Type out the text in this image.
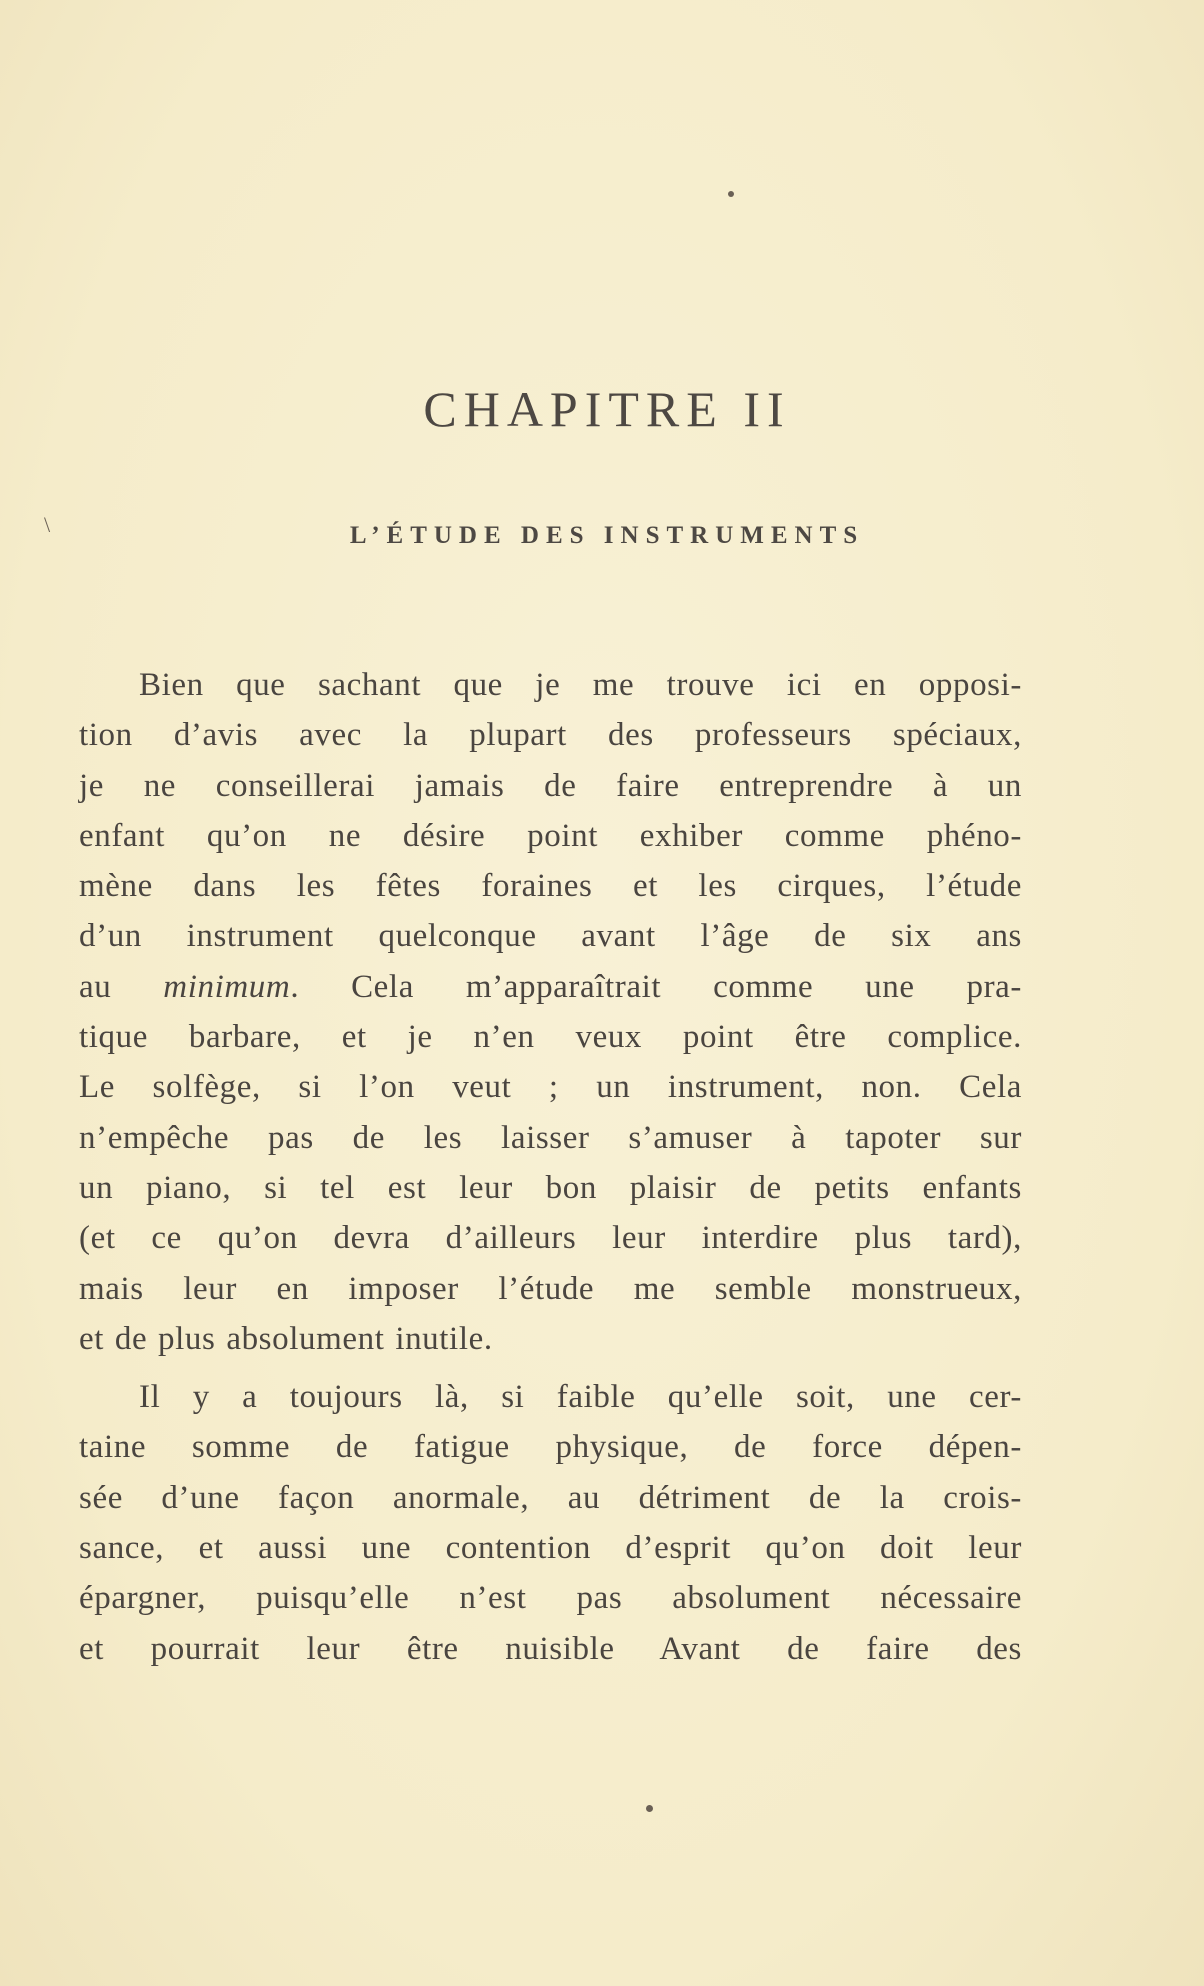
\
CHAPITRE II
L’ÉTUDE DES INSTRUMENTS
Bien que sachant que je me trouve ici en opposi-
tion d’avis avec la plupart des professeurs spéciaux,
je ne conseillerai jamais de faire entreprendre à un
enfant qu’on ne désire point exhiber comme phéno-
mène dans les fêtes foraines et les cirques, l’étude
d’un instrument quelconque avant l’âge de six ans
au minimum. Cela m’apparaîtrait comme une pra-
tique barbare, et je n’en veux point être complice.
Le solfège, si l’on veut ; un instrument, non. Cela
n’empêche pas de les laisser s’amuser à tapoter sur
un piano, si tel est leur bon plaisir de petits enfants
(et ce qu’on devra d’ailleurs leur interdire plus tard),
mais leur en imposer l’étude me semble monstrueux,
et de plus absolument inutile.
Il y a toujours là, si faible qu’elle soit, une cer-
taine somme de fatigue physique, de force dépen-
sée d’une façon anormale, au détriment de la crois-
sance, et aussi une contention d’esprit qu’on doit leur
épargner, puisqu’elle n’est pas absolument nécessaire
et pourrait leur être nuisible Avant de faire des
